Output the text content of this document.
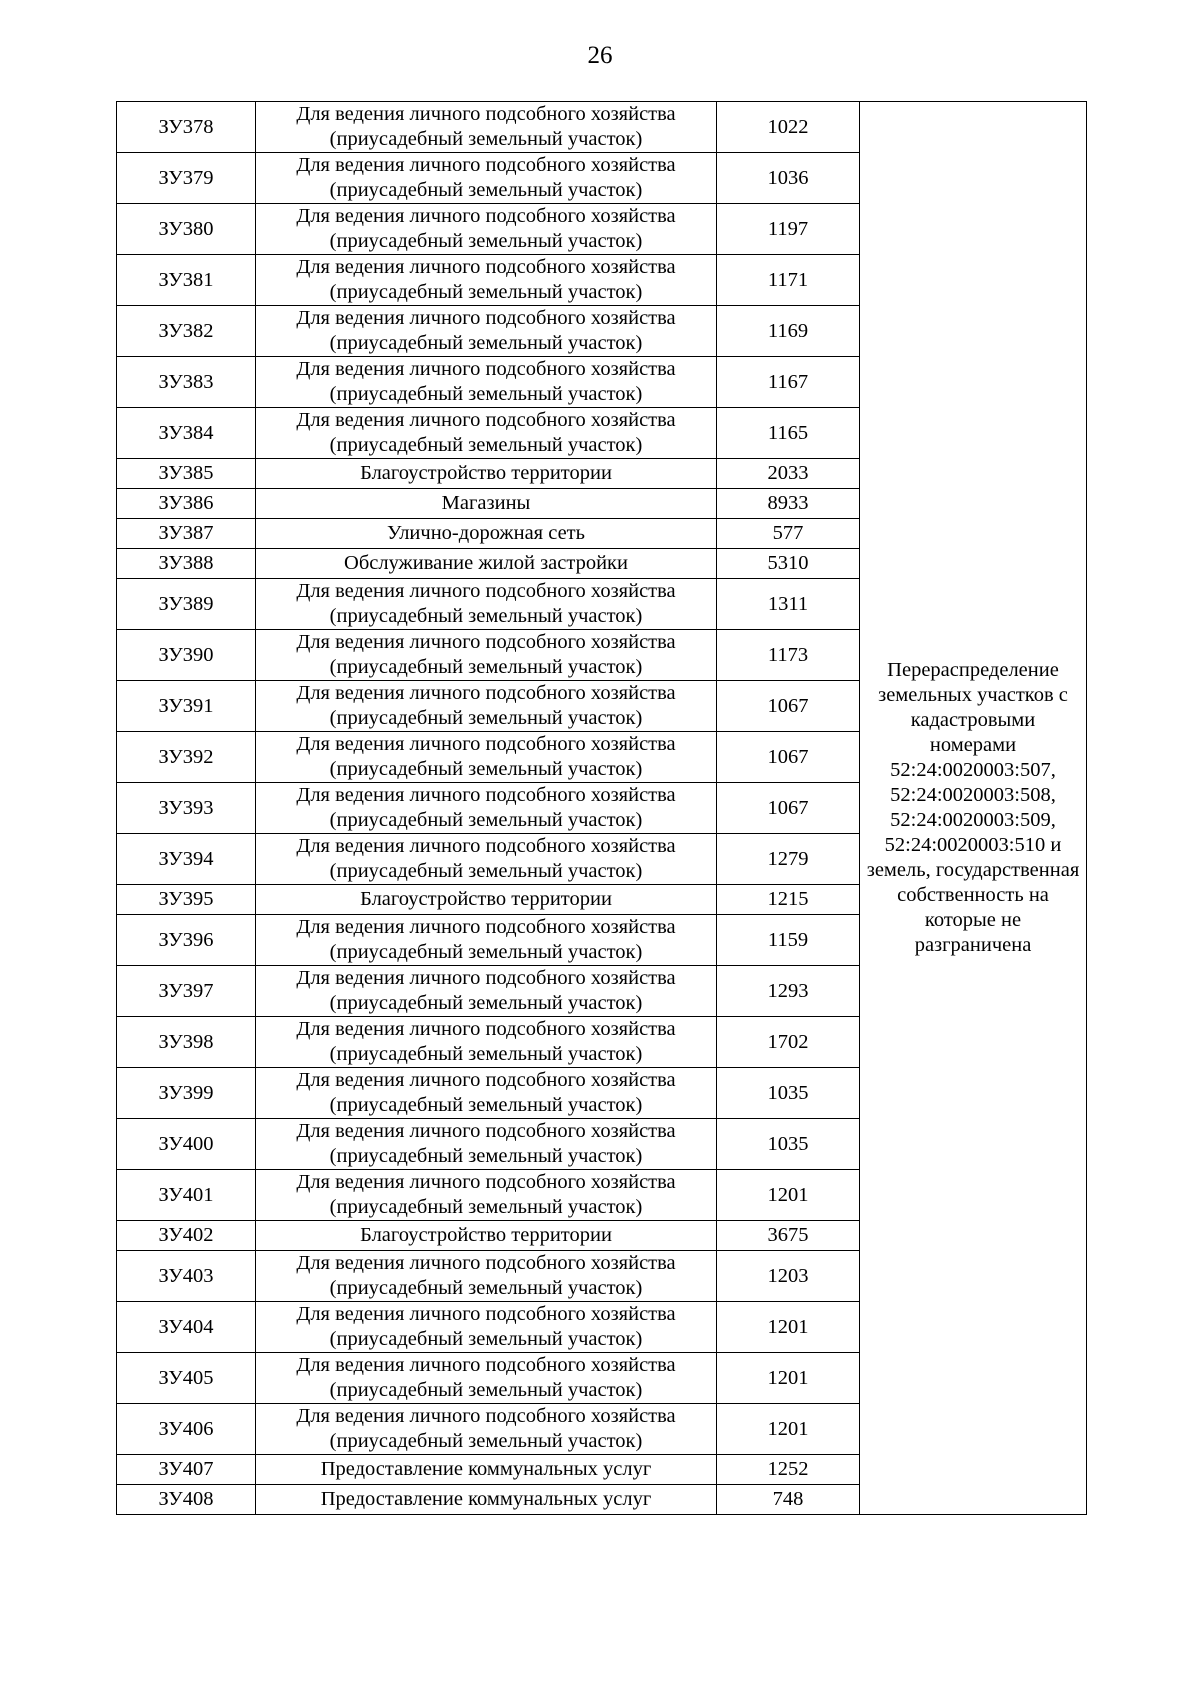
26
ЗУ378	Для ведения личного подсобного хозяйства (приусадебный земельный участок)	1022	Перераспределение земельных участков с кадастровыми номерами 52:24:0020003:507, 52:24:0020003:508, 52:24:0020003:509, 52:24:0020003:510 и земель, государственная собственность на которые не разграничена
ЗУ379	Для ведения личного подсобного хозяйства (приусадебный земельный участок)	1036	
ЗУ380	Для ведения личного подсобного хозяйства (приусадебный земельный участок)	1197	
ЗУ381	Для ведения личного подсобного хозяйства (приусадебный земельный участок)	1171	
ЗУ382	Для ведения личного подсобного хозяйства (приусадебный земельный участок)	1169	
ЗУ383	Для ведения личного подсобного хозяйства (приусадебный земельный участок)	1167	
ЗУ384	Для ведения личного подсобного хозяйства (приусадебный земельный участок)	1165	
ЗУ385	Благоустройство территории	2033	
ЗУ386	Магазины	8933	
ЗУ387	Улично-дорожная сеть	577	
ЗУ388	Обслуживание жилой застройки	5310	
ЗУ389	Для ведения личного подсобного хозяйства (приусадебный земельный участок)	1311	
ЗУ390	Для ведения личного подсобного хозяйства (приусадебный земельный участок)	1173	
ЗУ391	Для ведения личного подсобного хозяйства (приусадебный земельный участок)	1067	
ЗУ392	Для ведения личного подсобного хозяйства (приусадебный земельный участок)	1067	
ЗУ393	Для ведения личного подсобного хозяйства (приусадебный земельный участок)	1067	
ЗУ394	Для ведения личного подсобного хозяйства (приусадебный земельный участок)	1279	
ЗУ395	Благоустройство территории	1215	
ЗУ396	Для ведения личного подсобного хозяйства (приусадебный земельный участок)	1159	
ЗУ397	Для ведения личного подсобного хозяйства (приусадебный земельный участок)	1293	
ЗУ398	Для ведения личного подсобного хозяйства (приусадебный земельный участок)	1702	
ЗУ399	Для ведения личного подсобного хозяйства (приусадебный земельный участок)	1035	
ЗУ400	Для ведения личного подсобного хозяйства (приусадебный земельный участок)	1035	
ЗУ401	Для ведения личного подсобного хозяйства (приусадебный земельный участок)	1201	
ЗУ402	Благоустройство территории	3675	
ЗУ403	Для ведения личного подсобного хозяйства (приусадебный земельный участок)	1203	
ЗУ404	Для ведения личного подсобного хозяйства (приусадебный земельный участок)	1201	
ЗУ405	Для ведения личного подсобного хозяйства (приусадебный земельный участок)	1201	
ЗУ406	Для ведения личного подсобного хозяйства (приусадебный земельный участок)	1201	
ЗУ407	Предоставление коммунальных услуг	1252	
ЗУ408	Предоставление коммунальных услуг	748	
